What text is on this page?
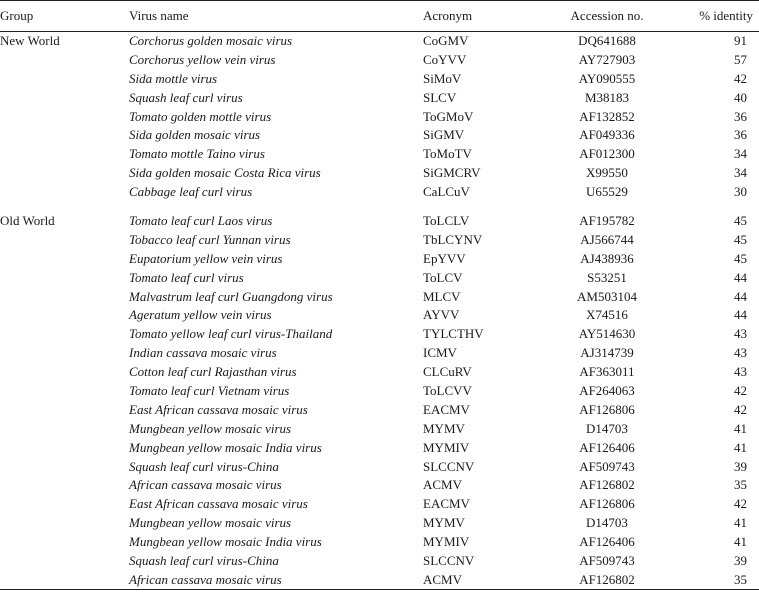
Group	Virus name	Acronym	Accession no.	% identity
New World	Corchorus golden mosaic virus	CoGMV	DQ641688	91
	Corchorus yellow vein virus	CoYVV	AY727903	57
	Sida mottle virus	SiMoV	AY090555	42
	Squash leaf curl virus	SLCV	M38183	40
	Tomato golden mottle virus	ToGMoV	AF132852	36
	Sida golden mosaic virus	SiGMV	AF049336	36
	Tomato mottle Taino virus	ToMoTV	AF012300	34
	Sida golden mosaic Costa Rica virus	SiGMCRV	X99550	34
	Cabbage leaf curl virus	CaLCuV	U65529	30

Old World	Tomato leaf curl Laos virus	ToLCLV	AF195782	45
	Tobacco leaf curl Yunnan virus	TbLCYNV	AJ566744	45
	Eupatorium yellow vein virus	EpYVV	AJ438936	45
	Tomato leaf curl virus	ToLCV	S53251	44
	Malvastrum leaf curl Guangdong virus	MLCV	AM503104	44
	Ageratum yellow vein virus	AYVV	X74516	44
	Tomato yellow leaf curl virus-Thailand	TYLCTHV	AY514630	43
	Indian cassava mosaic virus	ICMV	AJ314739	43
	Cotton leaf curl Rajasthan virus	CLCuRV	AF363011	43
	Tomato leaf curl Vietnam virus	ToLCVV	AF264063	42
	East African cassava mosaic virus	EACMV	AF126806	42
	Mungbean yellow mosaic virus	MYMV	D14703	41
	Mungbean yellow mosaic India virus	MYMIV	AF126406	41
	Squash leaf curl virus-China	SLCCNV	AF509743	39
	African cassava mosaic virus	ACMV	AF126802	35
	East African cassava mosaic virus	EACMV	AF126806	42
	Mungbean yellow mosaic virus	MYMV	D14703	41
	Mungbean yellow mosaic India virus	MYMIV	AF126406	41
	Squash leaf curl virus-China	SLCCNV	AF509743	39
	African cassava mosaic virus	ACMV	AF126802	35
